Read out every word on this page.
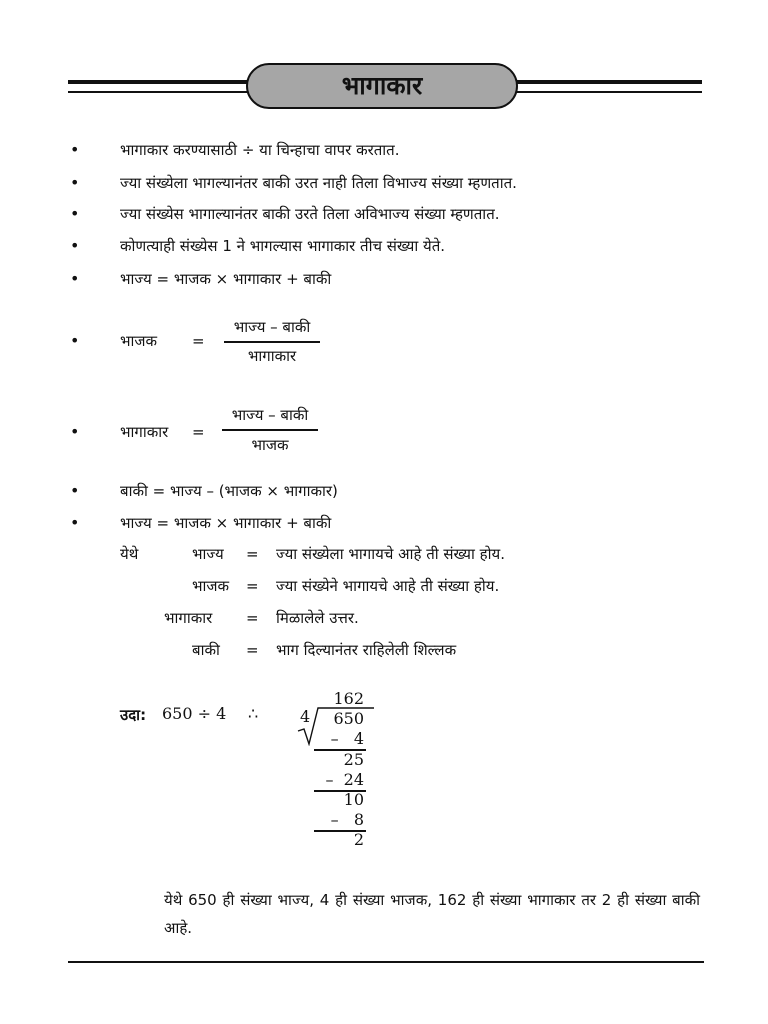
भागाकार
•	भागाकार करण्यासाठी ÷ या चिन्हाचा वापर करतात.
•	ज्या संख्येला भागल्यानंतर बाकी उरत नाही तिला विभाज्य संख्या म्हणतात.
•	ज्या संख्येस भागाल्यानंतर बाकी उरते तिला अविभाज्य संख्या म्हणतात.
•	कोणत्याही संख्येस 1 ने भागल्यास भागाकार तीच संख्या येते.
•	भाज्य = भाजक × भागाकार + बाकी
•	भाजक =
भाज्य – बाकी
भागाकार
•	भागाकार =
भाज्य – बाकी
भाजक
•	बाकी = भाज्य – (भाजक × भागाकार)
•	भाज्य = भाजक × भागाकार + बाकी
येथे	भाज्य = ज्या संख्येला भागायचे आहे ती संख्या होय.
भाजक = ज्या संख्येने भागायचे आहे ती संख्या होय.
भागाकार = मिळालेले उत्तर.
बाकी = भाग दिल्यानंतर राहिलेली शिल्लक
उदा: 650 ÷ 4 ∴
162
4 650
–   4
25
–  24
10
–   8
2
येथे 650 ही संख्या भाज्य, 4 ही संख्या भाजक, 162 ही संख्या भागाकार तर 2 ही संख्या बाकी आहे.
